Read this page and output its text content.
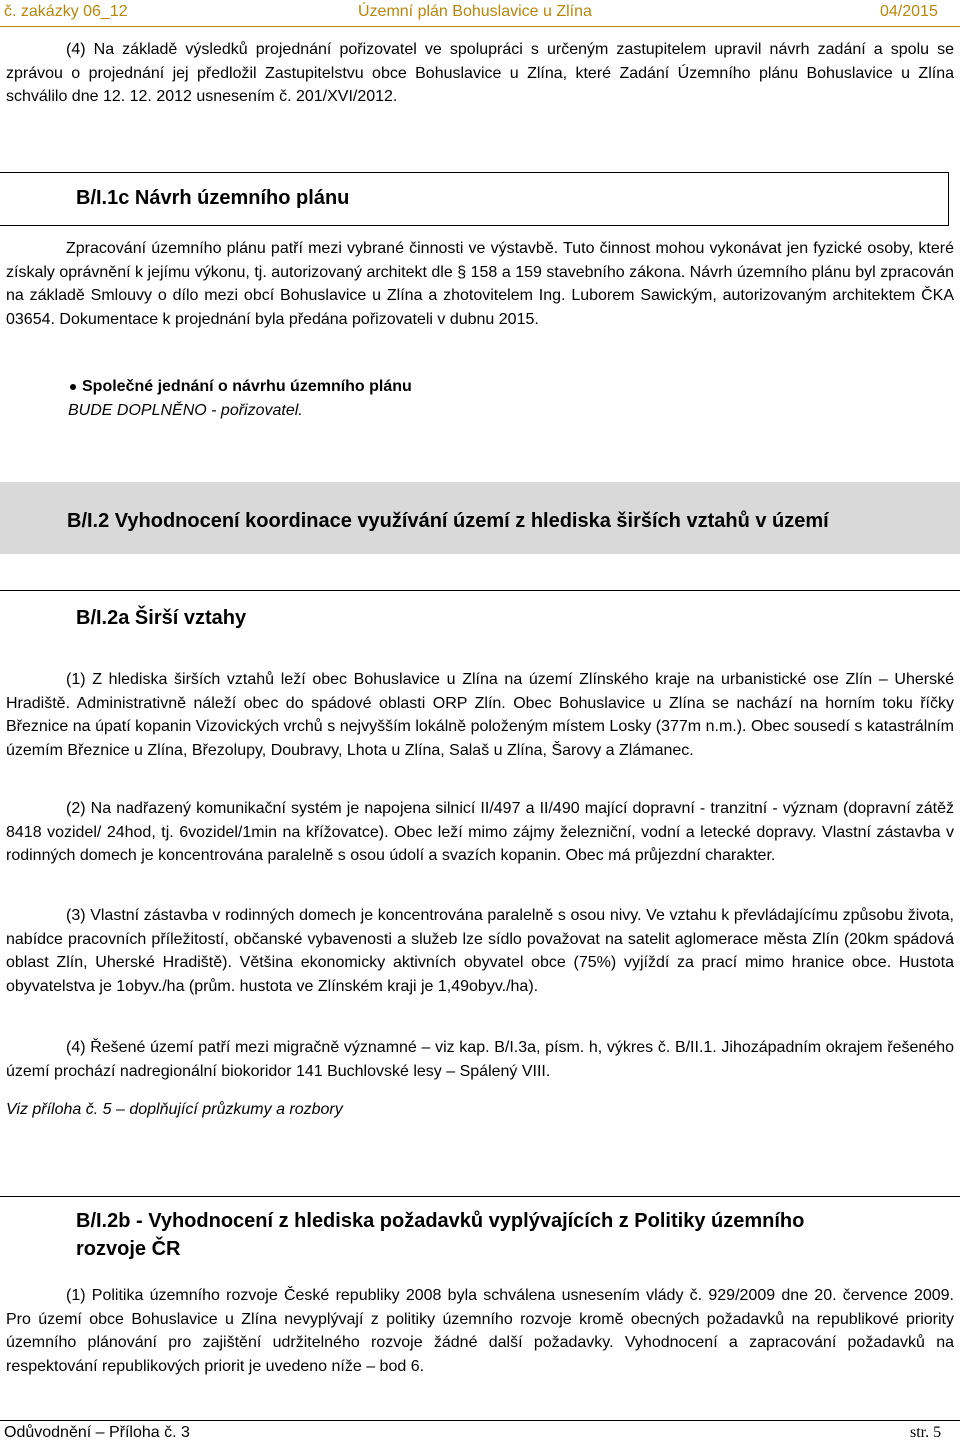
č. zakázky 06_12	Územní plán Bohuslavice u Zlína	04/2015

(4) Na základě výsledků projednání pořizovatel ve spolupráci s určeným zastupitelem upravil návrh zadání a spolu se zprávou o projednání jej předložil Zastupitelstvu obce Bohuslavice u Zlína, které Zadání Územního plánu Bohuslavice u Zlína schválilo dne 12. 12. 2012 usnesením č. 201/XVI/2012.

B/I.1c Návrh územního plánu

Zpracování územního plánu patří mezi vybrané činnosti ve výstavbě. Tuto činnost mohou vykonávat jen fyzické osoby, které získaly oprávnění k jejímu výkonu, tj. autorizovaný architekt dle § 158 a 159 stavebního zákona. Návrh územního plánu byl zpracován na základě Smlouvy o dílo mezi obcí Bohuslavice u Zlína a zhotovitelem Ing. Luborem Sawickým, autorizovaným architektem ČKA 03654. Dokumentace k projednání byla předána pořizovateli v dubnu 2015.

Společné jednání o návrhu územního plánu
BUDE DOPLNĚNO - pořizovatel.
B/I.2 Vyhodnocení koordinace využívání území z hlediska širších vztahů v území
B/I.2a Širší vztahy

(1) Z hlediska širších vztahů leží obec Bohuslavice u Zlína na území Zlínského kraje na urbanistické ose Zlín – Uherské Hradiště. Administrativně náleží obec do spádové oblasti ORP Zlín. Obec Bohuslavice u Zlína se nachází na horním toku říčky Březnice na úpatí kopanin Vizovických vrchů s nejvyšším lokálně položeným místem Losky (377m n.m.). Obec sousedí s katastrálním územím Březnice u Zlína, Březolupy, Doubravy, Lhota u Zlína, Salaš u Zlína, Šarovy a Zlámanec.

(2) Na nadřazený komunikační systém je napojena silnicí II/497 a II/490 mající dopravní - tranzitní - význam (dopravní zátěž 8418 vozidel/ 24hod, tj. 6vozidel/1min na křížovatce). Obec leží mimo zájmy železniční, vodní a letecké dopravy. Vlastní zástavba v rodinných domech je koncentrována paralelně s osou údolí a svazích kopanin. Obec má průjezdní charakter.

(3) Vlastní zástavba v rodinných domech je koncentrována paralelně s osou nivy. Ve vztahu k převládajícímu způsobu života, nabídce pracovních příležitostí, občanské vybavenosti a služeb lze sídlo považovat na satelit aglomerace města Zlín (20km spádová oblast Zlín, Uherské Hradiště). Většina ekonomicky aktivních obyvatel obce (75%) vyjíždí za prací mimo hranice obce. Hustota obyvatelstva je 1obyv./ha (prům. hustota ve Zlínském kraji je 1,49obyv./ha).

(4) Řešené území patří mezi migračně významné – viz kap. B/I.3a, písm. h, výkres č. B/II.1. Jihozápadním okrajem řešeného území prochází nadregionální biokoridor 141 Buchlovské lesy – Spálený VIII.

Viz příloha č. 5 – doplňující průzkumy a rozbory
B/I.2b - Vyhodnocení z hlediska požadavků vyplývajících z Politiky územního
rozvoje ČR

(1) Politika územního rozvoje České republiky 2008 byla schválena usnesením vlády č. 929/2009 dne 20. července 2009. Pro území obce Bohuslavice u Zlína nevyplývají z politiky územního rozvoje kromě obecných požadavků na republikové priority územního plánování pro zajištění udržitelného rozvoje žádné další požadavky. Vyhodnocení a zapracování požadavků na respektování republikových priorit je uvedeno níže – bod 6.

Odůvodnění – Příloha č. 3	str. 5
